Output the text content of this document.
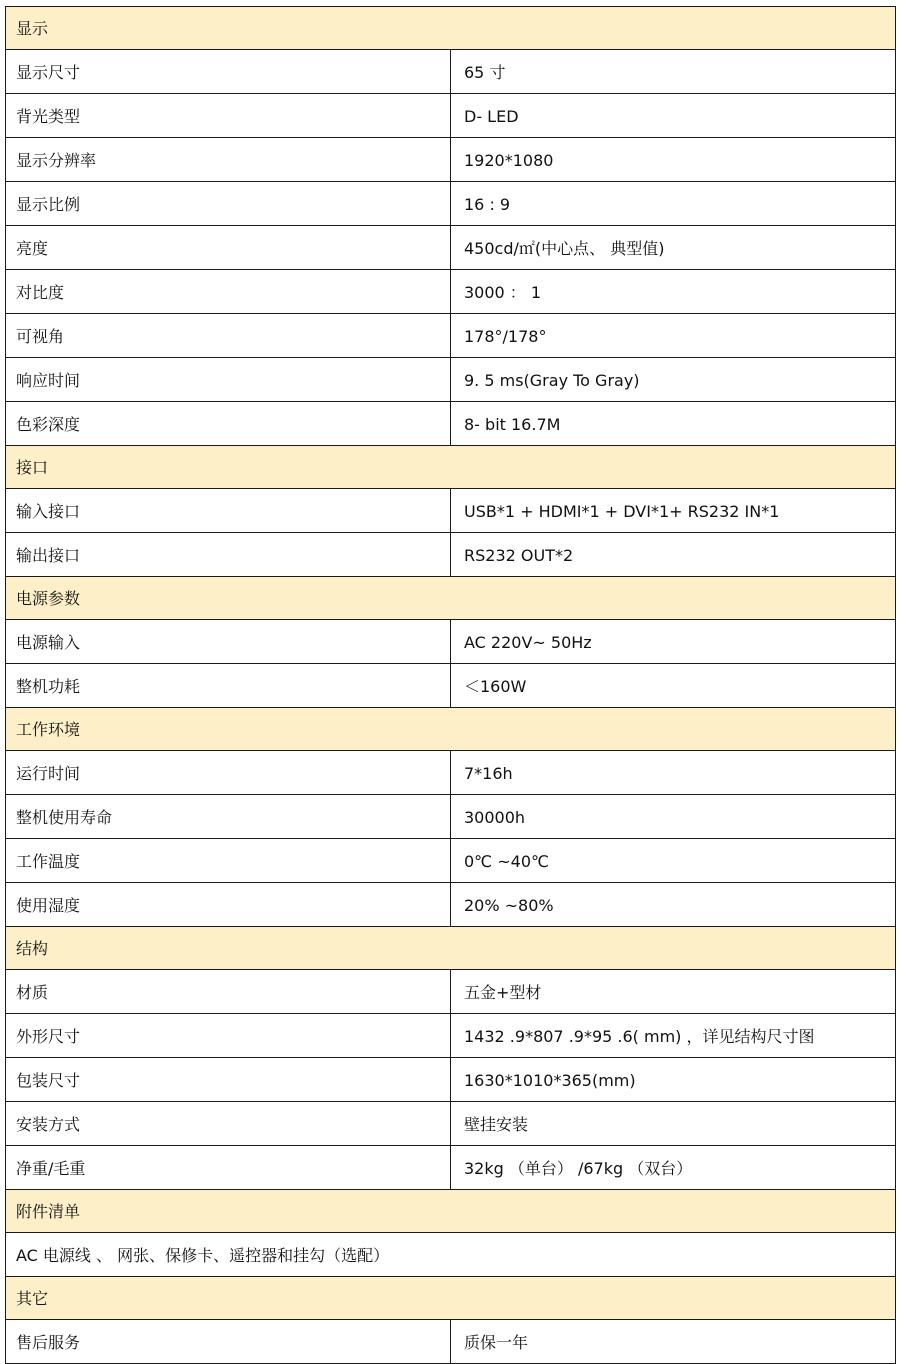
显示	
显示尺寸	65 寸
背光类型	D- LED
显示分辨率	1920*1080
显示比例	16 : 9
亮度	450cd/㎡(中心点、 典型值)
对比度	3000 ： 1
可视角	178°/178°
响应时间	9. 5 ms(Gray To Gray)
色彩深度	8- bit 16.7M
接口	
输入接口	USB*1 + HDMI*1 + DVI*1+ RS232 IN*1
输出接口	RS232 OUT*2
电源参数	
电源输入	AC 220V~ 50Hz
整机功耗	＜160W
工作环境	
运行时间	7*16h
整机使用寿命	30000h
工作温度	0℃ ~40℃
使用湿度	20% ~80%
结构	
材质	五金+型材
外形尺寸	1432 .9*807 .9*95 .6( mm) ，详见结构尺寸图
包装尺寸	1630*1010*365(mm)
安装方式	壁挂安装
净重/毛重	32kg （单台） /67kg （双台）
附件清单	
AC 电源线 、 网张、保修卡、遥控器和挂勾（选配）	
其它	
售后服务	质保一年
